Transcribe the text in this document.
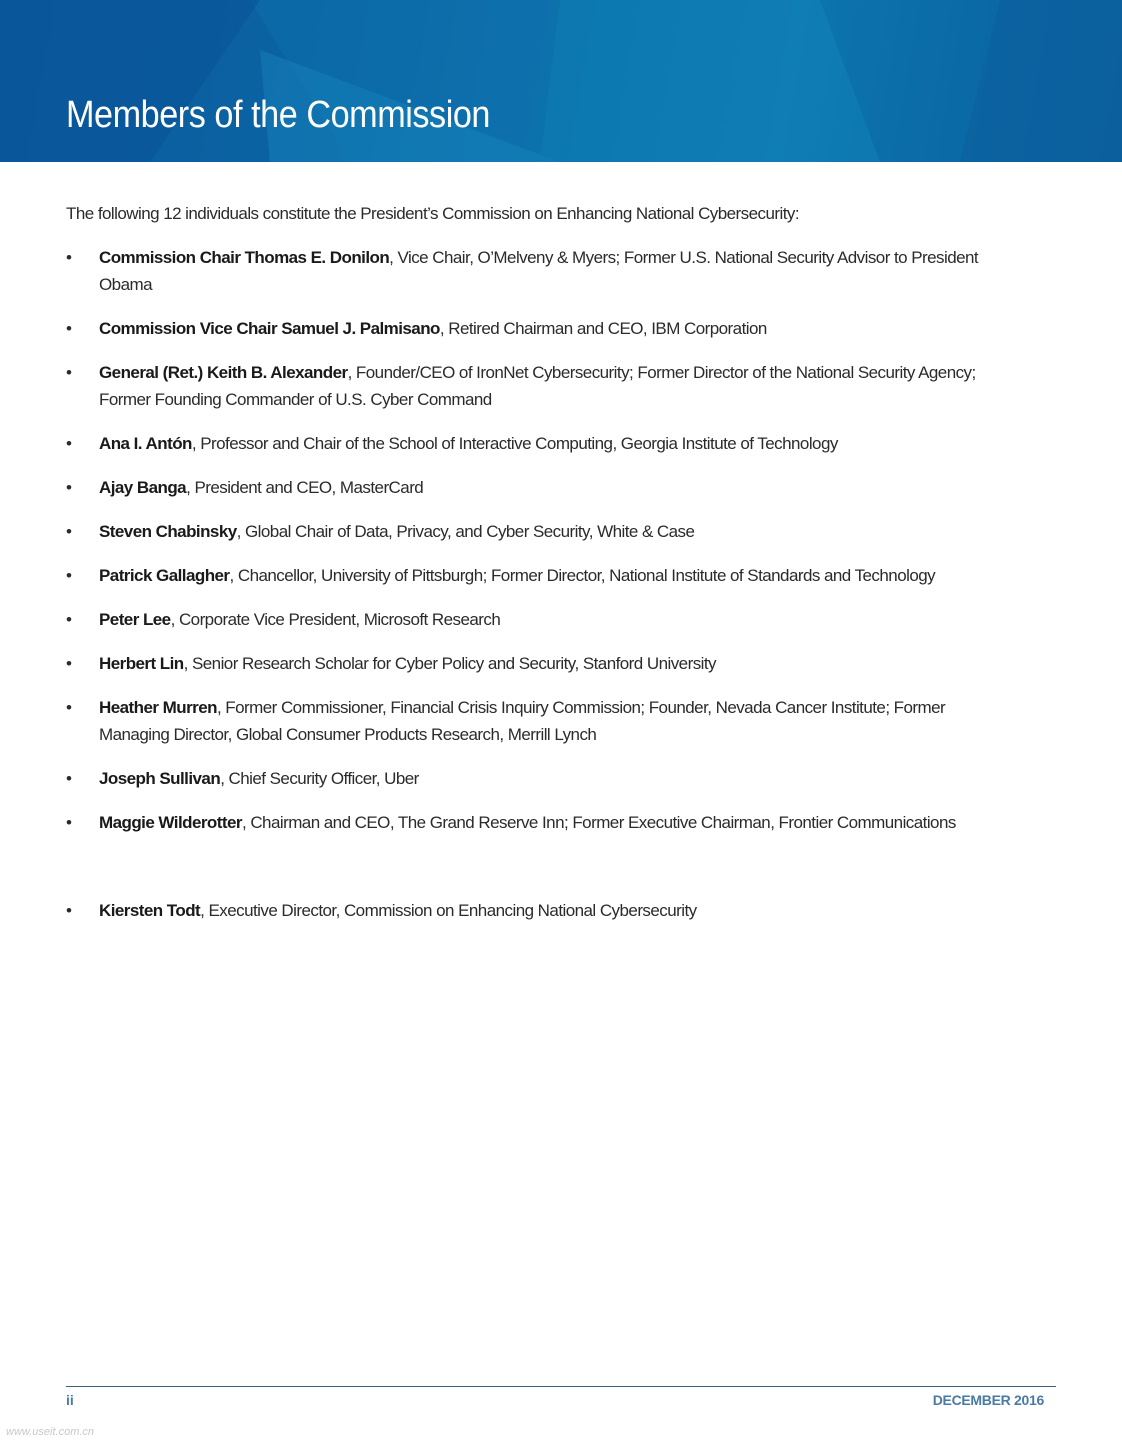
Members of the Commission

The following 12 individuals constitute the President’s Commission on Enhancing National Cybersecurity:

• Commission Chair Thomas E. Donilon, Vice Chair, O’Melveny & Myers; Former U.S. National Security Advisor to President Obama
• Commission Vice Chair Samuel J. Palmisano, Retired Chairman and CEO, IBM Corporation
• General (Ret.) Keith B. Alexander, Founder/CEO of IronNet Cybersecurity; Former Director of the National Security Agency; Former Founding Commander of U.S. Cyber Command
• Ana I. Antón, Professor and Chair of the School of Interactive Computing, Georgia Institute of Technology
• Ajay Banga, President and CEO, MasterCard
• Steven Chabinsky, Global Chair of Data, Privacy, and Cyber Security, White & Case
• Patrick Gallagher, Chancellor, University of Pittsburgh; Former Director, National Institute of Standards and Technology
• Peter Lee, Corporate Vice President, Microsoft Research
• Herbert Lin, Senior Research Scholar for Cyber Policy and Security, Stanford University
• Heather Murren, Former Commissioner, Financial Crisis Inquiry Commission; Founder, Nevada Cancer Institute; Former Managing Director, Global Consumer Products Research, Merrill Lynch
• Joseph Sullivan, Chief Security Officer, Uber
• Maggie Wilderotter, Chairman and CEO, The Grand Reserve Inn; Former Executive Chairman, Frontier Communications
• Kiersten Todt, Executive Director, Commission on Enhancing National Cybersecurity
ii	DECEMBER 2016
www.useit.com.cn
